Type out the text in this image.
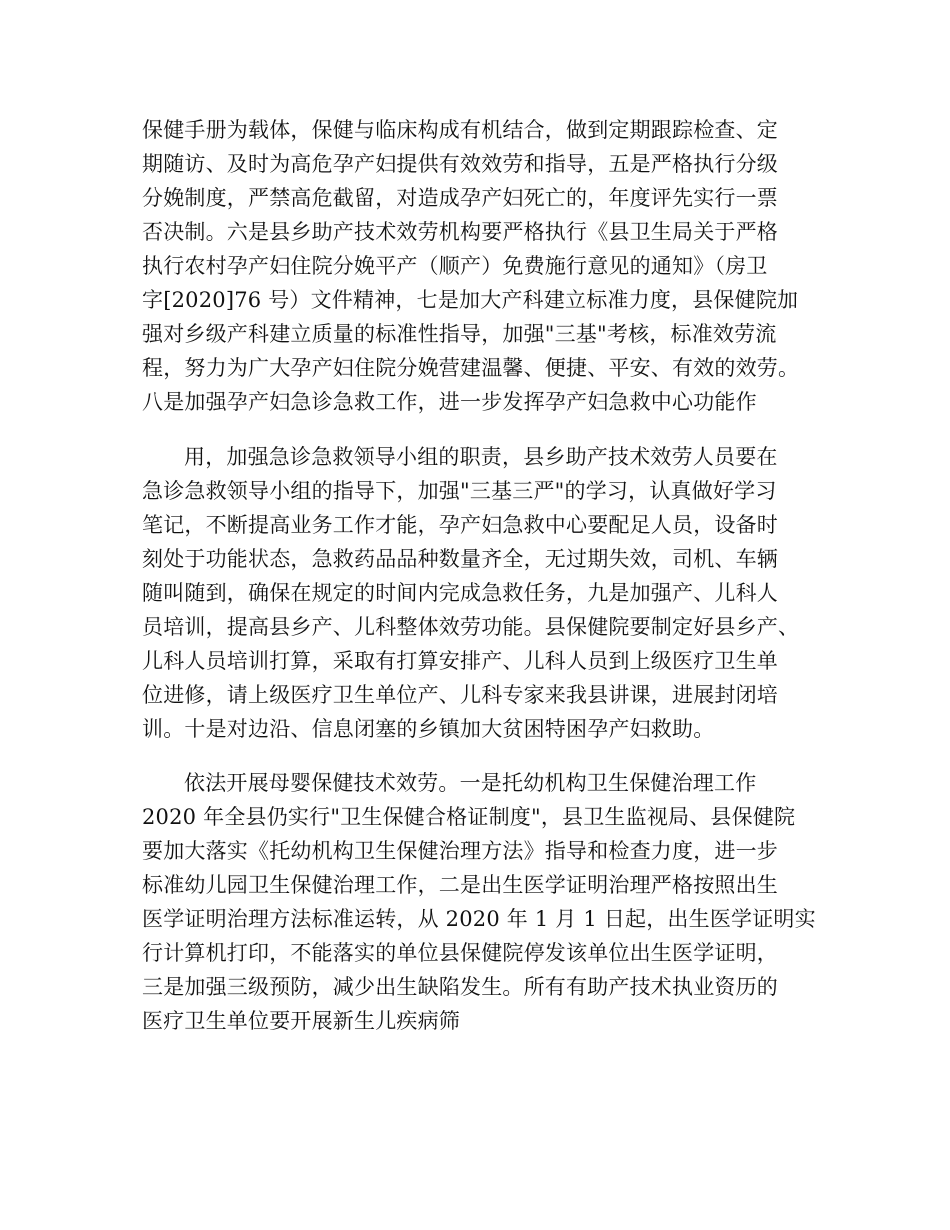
保健手册为载体，保健与临床构成有机结合，做到定期跟踪检查、定
期随访、及时为高危孕产妇提供有效效劳和指导，五是严格执行分级
分娩制度，严禁高危截留，对造成孕产妇死亡的，年度评先实行一票
否决制。六是县乡助产技术效劳机构要严格执行《县卫生局关于严格
执行农村孕产妇住院分娩平产（顺产）免费施行意见的通知》（房卫
字[2020]76 号）文件精神，七是加大产科建立标准力度，县保健院加
强对乡级产科建立质量的标准性指导，加强"三基"考核，标准效劳流
程，努力为广大孕产妇住院分娩营建温馨、便捷、平安、有效的效劳。
八是加强孕产妇急诊急救工作，进一步发挥孕产妇急救中心功能作
用，加强急诊急救领导小组的职责，县乡助产技术效劳人员要在
急诊急救领导小组的指导下，加强"三基三严"的学习，认真做好学习
笔记，不断提高业务工作才能，孕产妇急救中心要配足人员，设备时
刻处于功能状态，急救药品品种数量齐全，无过期失效，司机、车辆
随叫随到，确保在规定的时间内完成急救任务，九是加强产、儿科人
员培训，提高县乡产、儿科整体效劳功能。县保健院要制定好县乡产、
儿科人员培训打算，采取有打算安排产、儿科人员到上级医疗卫生单
位进修，请上级医疗卫生单位产、儿科专家来我县讲课，进展封闭培
训。十是对边沿、信息闭塞的乡镇加大贫困特困孕产妇救助。
依法开展母婴保健技术效劳。一是托幼机构卫生保健治理工作
2020 年全县仍实行"卫生保健合格证制度"，县卫生监视局、县保健院
要加大落实《托幼机构卫生保健治理方法》指导和检查力度，进一步
标准幼儿园卫生保健治理工作，二是出生医学证明治理严格按照出生
医学证明治理方法标准运转，从 2020 年 1 月 1 日起，出生医学证明实
行计算机打印，不能落实的单位县保健院停发该单位出生医学证明，
三是加强三级预防，减少出生缺陷发生。所有有助产技术执业资历的
医疗卫生单位要开展新生儿疾病筛
